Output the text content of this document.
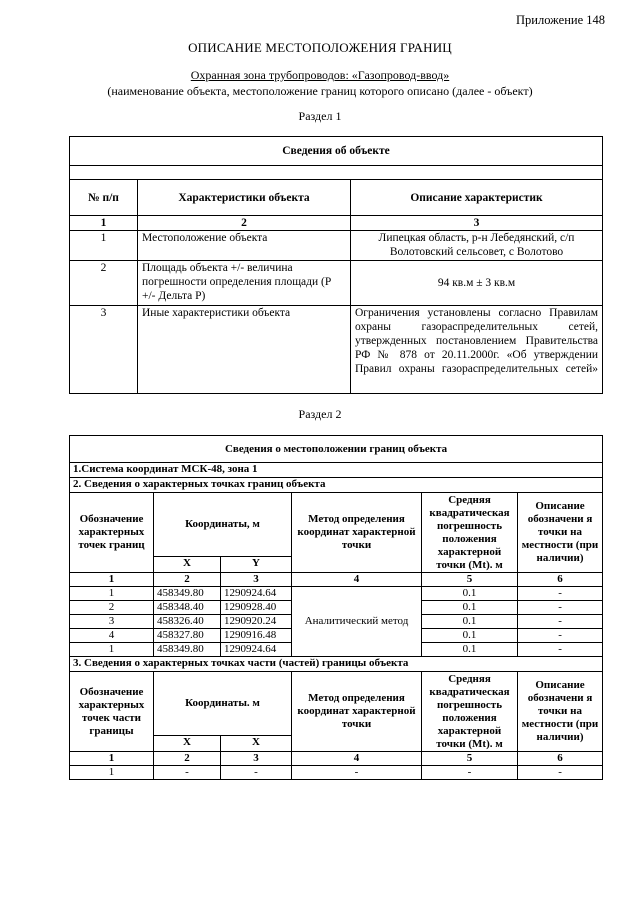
Приложение 148
ОПИСАНИЕ МЕСТОПОЛОЖЕНИЯ ГРАНИЦ
Охранная зона трубопроводов: «Газопровод-ввод»
(наименование объекта, местоположение границ которого описано (далее - объект)
Раздел 1
Сведения об объекте		

№ п/п	Характеристики объекта	Описание характеристик
1	2	3
1	Местоположение объекта	Липецкая область, р-н Лебедянский, с/п Волотовский сельсовет, с Волотово
2	Площадь объекта +/- величина погрешности определения площади (Р +/- Дельта Р)	94 кв.м ± 3 кв.м
3	Иные характеристики объекта	Ограничения установлены согласно Правилам охраны газораспределительных сетей, утвержденных постановлением Правительства РФ № 878 от 20.11.2000г. «Об утверждении Правил охраны газораспределительных сетей»
Раздел 2
Сведения о местоположении границ объекта					
1.Система координат МСК-48, зона 1					
2. Сведения о характерных точках границ объекта					
Обозначение характерных точек границ	Координаты, м		Метод определения координат характерной точки	Средняя квадратическая погрешность положения характерной точки (Mt). м	Описание обозначени я точки на местности (при наличии)
	X	Y			
1	2	3	4	5	6
1	458349.80	1290924.64	Аналитический метод	0.1	-
2	458348.40	1290928.40		0.1	-
3	458326.40	1290920.24		0.1	-
4	458327.80	1290916.48		0.1	-
1	458349.80	1290924.64		0.1	-
3. Сведения о характерных точках части (частей) границы объекта					
Обозначение характерных точек части границы	Координаты. м		Метод определения координат характерной точки	Средняя квадратическая погрешность положения характерной точки (Mt). м	Описание обозначени я точки на местности (при наличии)
	X	X			
1	2	3	4	5	6
1	-	-	-	-	-
